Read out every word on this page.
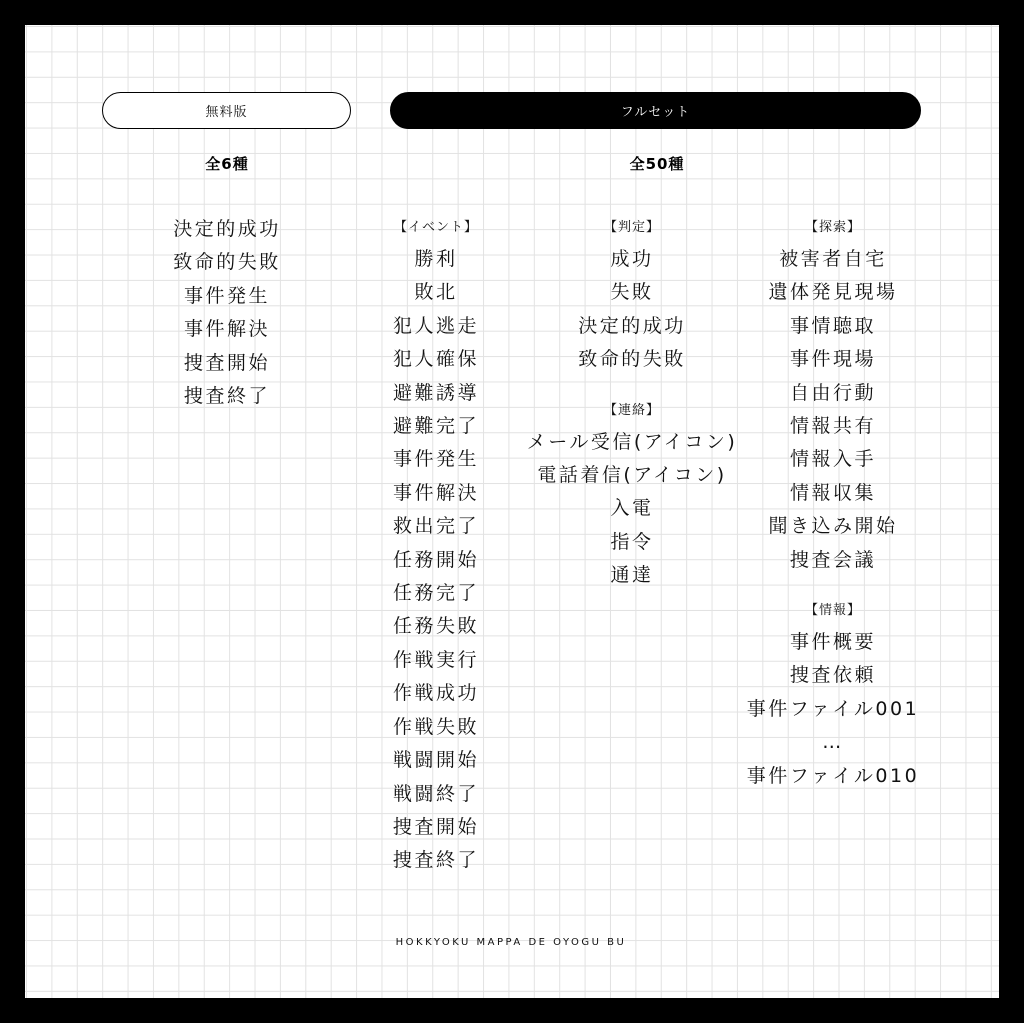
無料版	フルセット
全6種	全50種
決定的成功
致命的失敗
事件発生
事件解決
捜査開始
捜査終了
【イベント】
勝利
敗北
犯人逃走
犯人確保
避難誘導
避難完了
事件発生
事件解決
救出完了
任務開始
任務完了
任務失敗
作戦実行
作戦成功
作戦失敗
戦闘開始
戦闘終了
捜査開始
捜査終了
【判定】
成功
失敗
決定的成功
致命的失敗
【連絡】
メール受信(アイコン)
電話着信(アイコン)
入電
指令
通達
【探索】
被害者自宅
遺体発見現場
事情聴取
事件現場
自由行動
情報共有
情報入手
情報収集
聞き込み開始
捜査会議
【情報】
事件概要
捜査依頼
事件ファイル001
…
事件ファイル010
HOKKYOKU MAPPA DE OYOGU BU
